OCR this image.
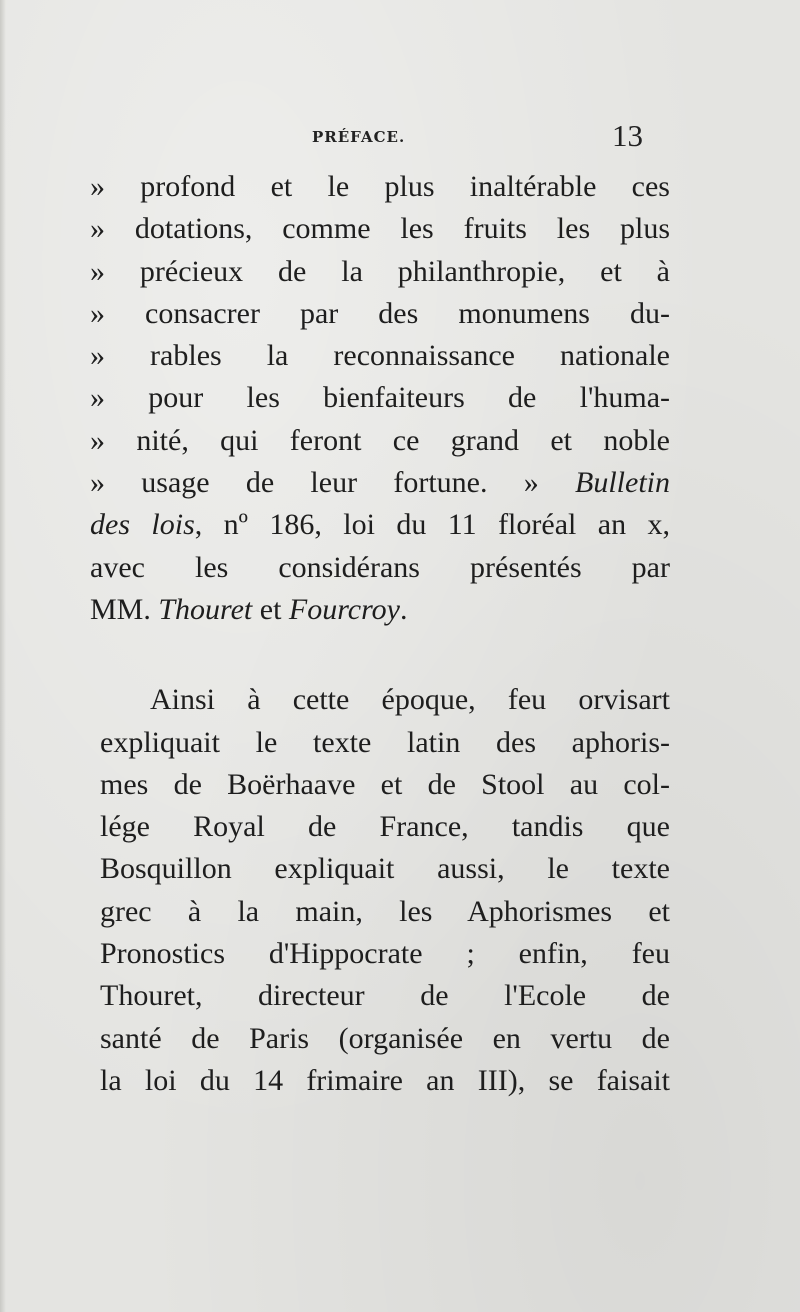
PRÉFACE.	13
» profond et le plus inaltérable ces
» dotations, comme les fruits les plus
» précieux de la philanthropie, et à
» consacrer par des monumens du-
» rables la reconnaissance nationale
» pour les bienfaiteurs de l'huma-
» nité, qui feront ce grand et noble
» usage de leur fortune. » Bulletin
des lois, nº 186, loi du 11 floréal an x,
avec les considérans présentés par
MM. Thouret et Fourcroy.
Ainsi à cette époque, feu orvisart
expliquait le texte latin des aphoris-
mes de Boërhaave et de Stool au col-
lége Royal de France, tandis que
Bosquillon expliquait aussi, le texte
grec à la main, les Aphorismes et
Pronostics d'Hippocrate ; enfin, feu
Thouret, directeur de l'Ecole de
santé de Paris (organisée en vertu de
la loi du 14 frimaire an III), se faisait
